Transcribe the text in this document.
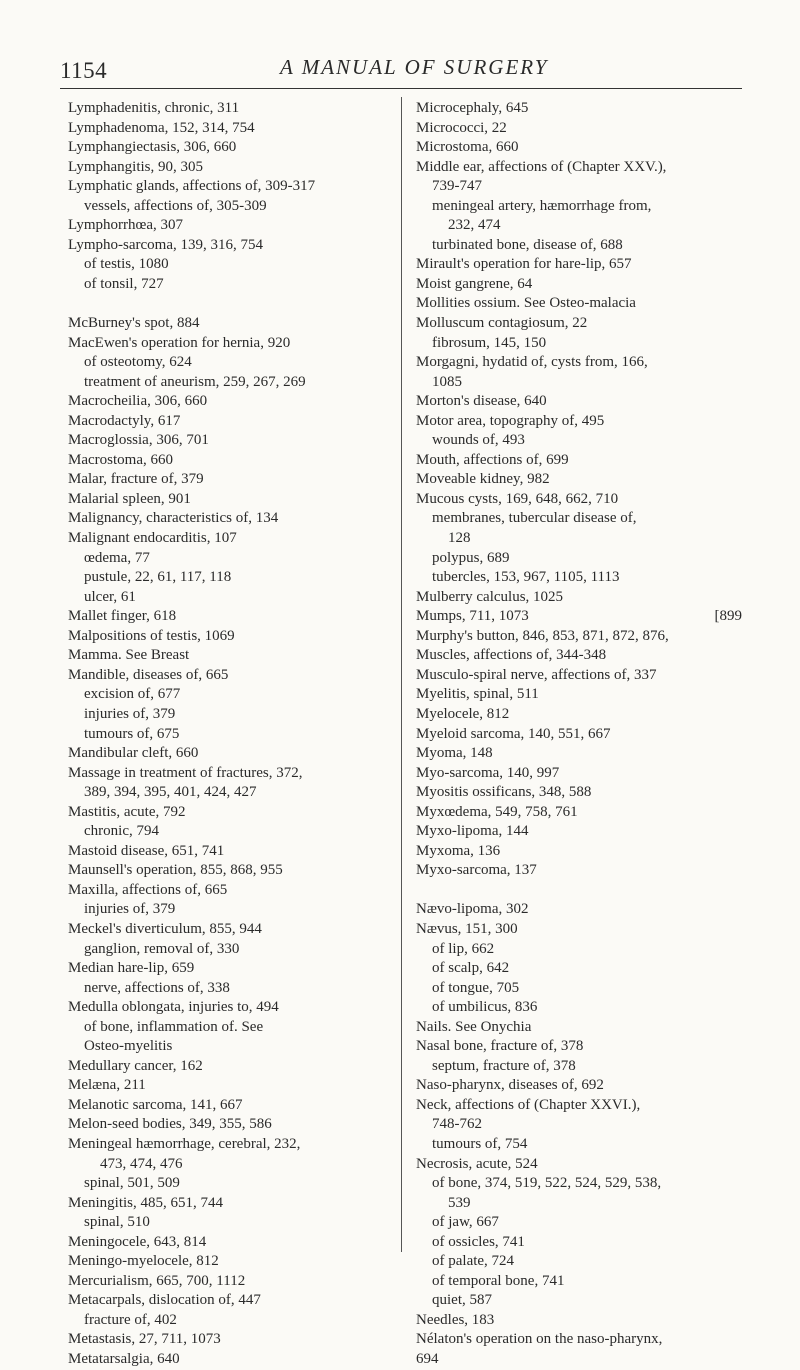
1154	A MANUAL OF SURGERY
Lymphadenitis, chronic, 311
Lymphadenoma, 152, 314, 754
Lymphangiectasis, 306, 660
Lymphangitis, 90, 305
Lymphatic glands, affections of, 309-317
vessels, affections of, 305-309
Lymphorrhœa, 307
Lympho-sarcoma, 139, 316, 754
of testis, 1080
of tonsil, 727
McBurney's spot, 884
MacEwen's operation for hernia, 920
of osteotomy, 624
treatment of aneurism, 259, 267, 269
Macrocheilia, 306, 660
Macrodactyly, 617
Macroglossia, 306, 701
Macrostoma, 660
Malar, fracture of, 379
Malarial spleen, 901
Malignancy, characteristics of, 134
Malignant endocarditis, 107
œdema, 77
pustule, 22, 61, 117, 118
ulcer, 61
Mallet finger, 618
Malpositions of testis, 1069
Mamma. See Breast
Mandible, diseases of, 665
excision of, 677
injuries of, 379
tumours of, 675
Mandibular cleft, 660
Massage in treatment of fractures, 372,
389, 394, 395, 401, 424, 427
Mastitis, acute, 792
chronic, 794
Mastoid disease, 651, 741
Maunsell's operation, 855, 868, 955
Maxilla, affections of, 665
injuries of, 379
Meckel's diverticulum, 855, 944
ganglion, removal of, 330
Median hare-lip, 659
nerve, affections of, 338
Medulla oblongata, injuries to, 494
of bone, inflammation of. See
Osteo-myelitis
Medullary cancer, 162
Melæna, 211
Melanotic sarcoma, 141, 667
Melon-seed bodies, 349, 355, 586
Meningeal hæmorrhage, cerebral, 232,
473, 474, 476
spinal, 501, 509
Meningitis, 485, 651, 744
spinal, 510
Meningocele, 643, 814
Meningo-myelocele, 812
Mercurialism, 665, 700, 1112
Metacarpals, dislocation of, 447
fracture of, 402
Metastasis, 27, 711, 1073
Metatarsalgia, 640
Microcephaly, 645
Micrococci, 22
Microstoma, 660
Middle ear, affections of (Chapter XXV.),
739-747
meningeal artery, hæmorrhage from,
232, 474
turbinated bone, disease of, 688
Mirault's operation for hare-lip, 657
Moist gangrene, 64
Mollities ossium. See Osteo-malacia
Molluscum contagiosum, 22
fibrosum, 145, 150
Morgagni, hydatid of, cysts from, 166,
1085
Morton's disease, 640
Motor area, topography of, 495
wounds of, 493
Mouth, affections of, 699
Moveable kidney, 982
Mucous cysts, 169, 648, 662, 710
membranes, tubercular disease of,
128
polypus, 689
tubercles, 153, 967, 1105, 1113
Mulberry calculus, 1025
Mumps, 711, 1073	[899
Murphy's button, 846, 853, 871, 872, 876,
Muscles, affections of, 344-348
Musculo-spiral nerve, affections of, 337
Myelitis, spinal, 511
Myelocele, 812
Myeloid sarcoma, 140, 551, 667
Myoma, 148
Myo-sarcoma, 140, 997
Myositis ossificans, 348, 588
Myxœdema, 549, 758, 761
Myxo-lipoma, 144
Myxoma, 136
Myxo-sarcoma, 137
Nævo-lipoma, 302
Nævus, 151, 300
of lip, 662
of scalp, 642
of tongue, 705
of umbilicus, 836
Nails. See Onychia
Nasal bone, fracture of, 378
septum, fracture of, 378
Naso-pharynx, diseases of, 692
Neck, affections of (Chapter XXVI.),
748-762
tumours of, 754
Necrosis, acute, 524
of bone, 374, 519, 522, 524, 529, 538,
539
of jaw, 667
of ossicles, 741
of palate, 724
of temporal bone, 741
quiet, 587
Needles, 183
Nélaton's operation on the naso-pharynx,
694
